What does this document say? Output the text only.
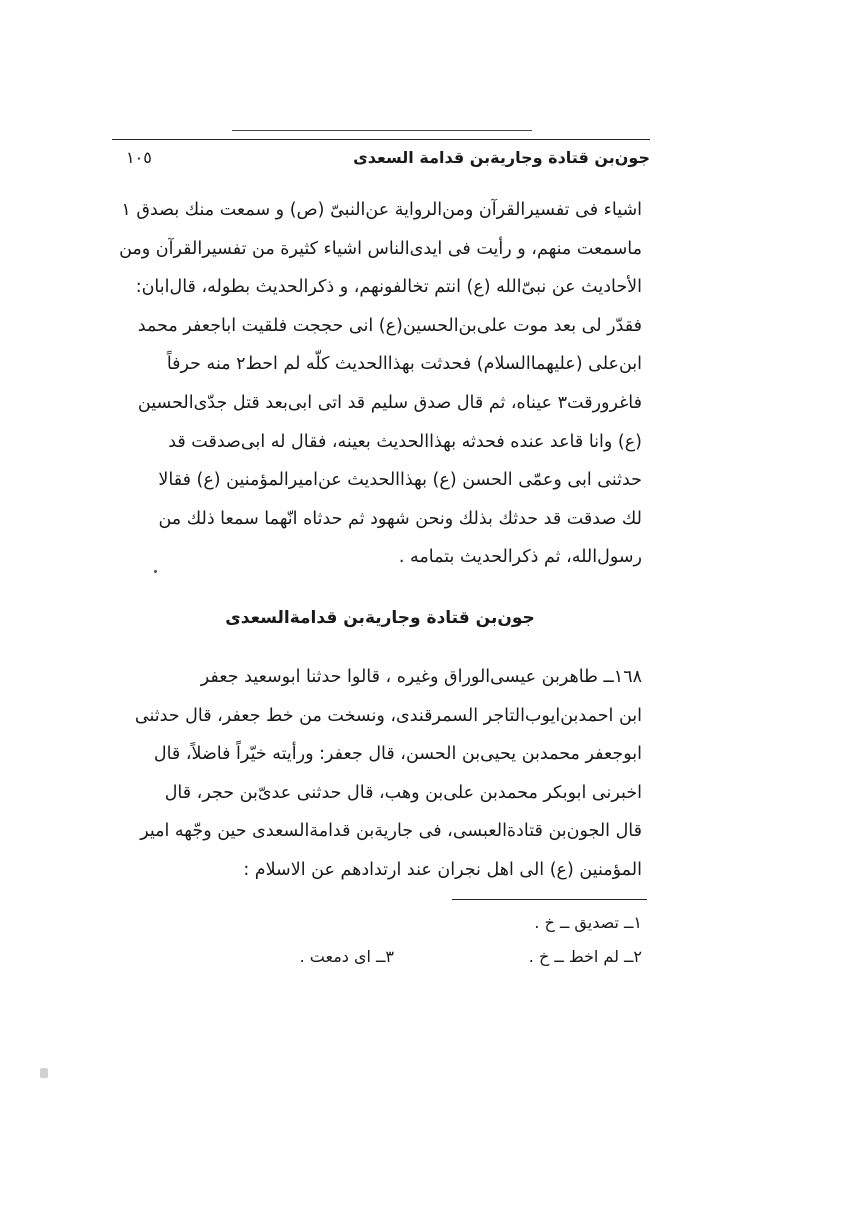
جون‌بن قتادة وجارية‌بن قدامة السعدی
١٠٥
اشیاء فی تفسیرالقرآن ومن‌الروایة عن‌النبیّ (ص) و سمعت منك بصدق ١
ماسمعت منهم، و رأیت فی ایدی‌الناس اشیاء کثیرة من تفسیرالقرآن ومن
الأحادیث عن نبیّ‌الله (ع) انتم تخالفونهم، و ذکرالحدیث بطوله، قال‌ابان:
فقدّر لی بعد موت علی‌بن‌الحسین(ع) انی حججت فلقیت اباجعفر محمد
ابن‌علی (علیهماالسلام) فحدثت بهذاالحدیث کلّه لم احط٢ منه حرفاً
فاغرورقت٣ عیناه، ثم قال صدق سلیم قد اتی ابی‌بعد قتل جدّی‌الحسین
(ع) وانا قاعد عنده فحدثه بهذاالحدیث بعینه، فقال له ابی‌صدقت قد
حدثنی ابی وعمّی الحسن (ع) بهذاالحدیث عن‌امیرالمؤمنین (ع) فقالا
لك صدقت قد حدثك بذلك ونحن شهود ثم حدثاه انّهما سمعا ذلك من
رسول‌الله، ثم ذکرالحدیث بتمامه .
جون‌بن قتادة وجارية‌بن قدامة‌السعدی
١٦٨ــ طاهربن عیسی‌الوراق وغیره ، قالوا حدثنا ابوسعید جعفر
ابن احمدبن‌ایوب‌التاجر السمرقندی، ونسخت من خط جعفر، قال حدثنی
ابوجعفر محمدبن یحیی‌بن الحسن، قال جعفر: ورأیته خیّراً فاضلاً، قال
اخبرنی ابوبکر محمدبن علی‌بن وهب، قال حدثنی عدیّ‌بن حجر، قال
قال الجون‌بن قتادة‌العبسی، فی جارية‌بن قدامة‌السعدی حین وجّهه امیر
المؤمنین (ع) الی اهل نجران عند ارتدادهم عن الاسلام :
١ــ تصدیق ــ خ .
٢ــ لم اخط ــ خ .
٣ــ ای دمعت .
